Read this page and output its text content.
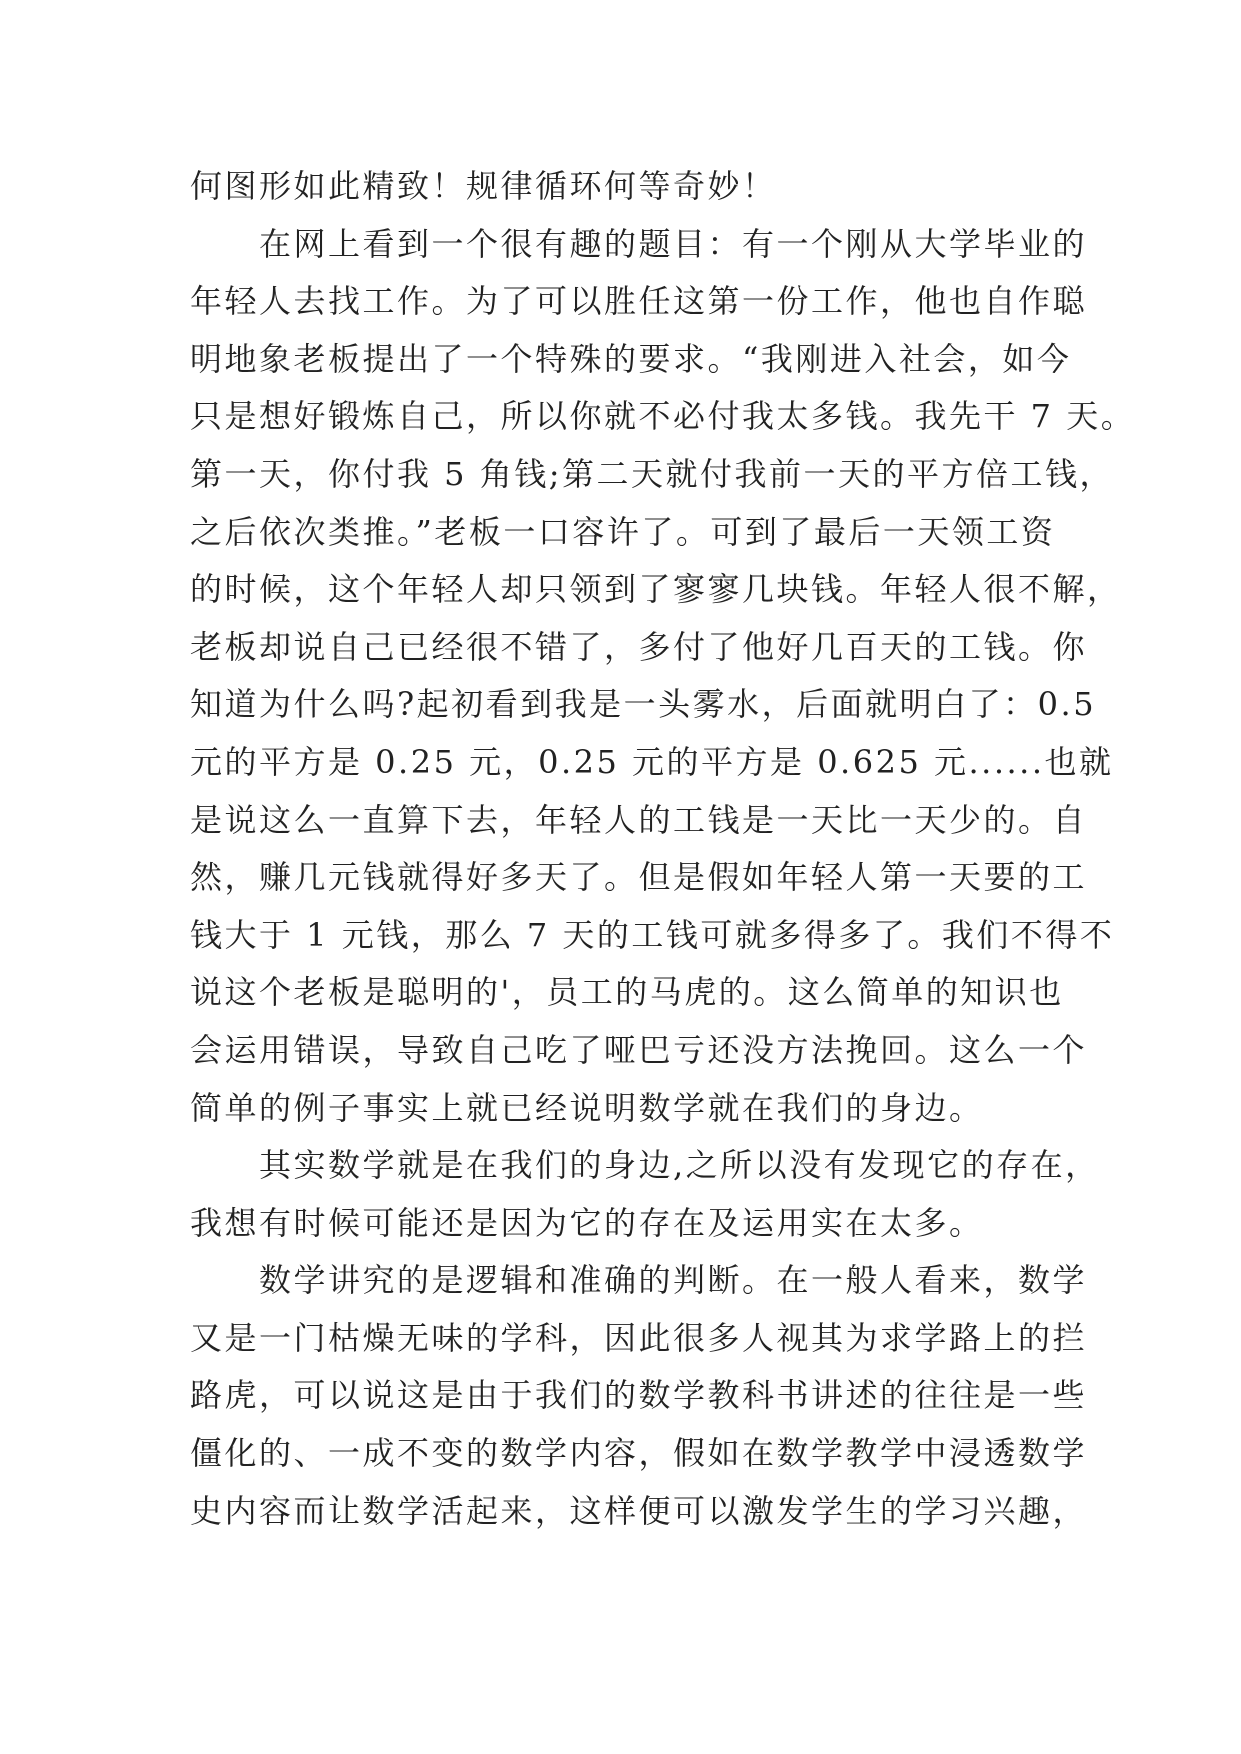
何图形如此精致！规律循环何等奇妙！
　　在网上看到一个很有趣的题目：有一个刚从大学毕业的
年轻人去找工作。为了可以胜任这第一份工作，他也自作聪
明地象老板提出了一个特殊的要求。“我刚进入社会，如今
只是想好锻炼自己，所以你就不必付我太多钱。我先干 7 天。
第一天，你付我 5 角钱;第二天就付我前一天的平方倍工钱，
之后依次类推。”老板一口容许了。可到了最后一天领工资
的时候，这个年轻人却只领到了寥寥几块钱。年轻人很不解，
老板却说自己已经很不错了，多付了他好几百天的工钱。你
知道为什么吗?起初看到我是一头雾水，后面就明白了：0.5
元的平方是 0.25 元，0.25 元的平方是 0.625 元......也就
是说这么一直算下去，年轻人的工钱是一天比一天少的。自
然，赚几元钱就得好多天了。但是假如年轻人第一天要的工
钱大于 1 元钱，那么 7 天的工钱可就多得多了。我们不得不
说这个老板是聪明的'，员工的马虎的。这么简单的知识也
会运用错误，导致自己吃了哑巴亏还没方法挽回。这么一个
简单的例子事实上就已经说明数学就在我们的身边。
　　其实数学就是在我们的身边,之所以没有发现它的存在，
我想有时候可能还是因为它的存在及运用实在太多。
　　数学讲究的是逻辑和准确的判断。在一般人看来，数学
又是一门枯燥无味的学科，因此很多人视其为求学路上的拦
路虎，可以说这是由于我们的数学教科书讲述的往往是一些
僵化的、一成不变的数学内容，假如在数学教学中浸透数学
史内容而让数学活起来，这样便可以激发学生的学习兴趣，
